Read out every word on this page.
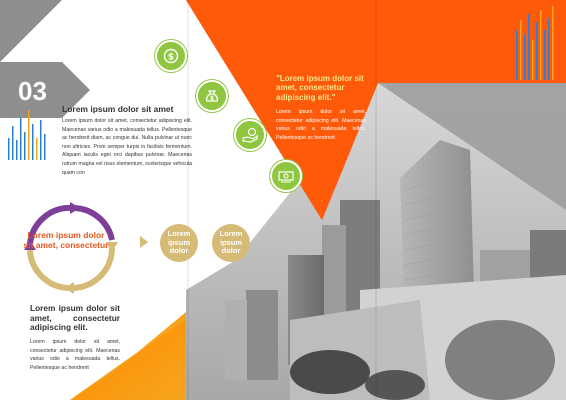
03
Lorem ipsum dolor sit amet
Lorem ipsum dolor sit amet, consectetur adipiscing elit. Maecenas varius odio a malesuada tellus. Pellentesque ac hendrerit diam, ac congue dui. Nulla pulvinar ut nunc non ultricies. Proin semper turpis in facilisis fermentum. Aliquam iaculis eget orci dapibus pulvinar. Maecenas rutrum magna vel risus elementum, scelerisque vehicula quam con
Lorem ipsum dolor sit amet, consectetur
Lorem ipsum dolor
Lorem ipsum dolor
Lorem ipsum dolor sit amet, consectetur adipiscing elit.
Lorem ipsum dolor sit amet, consectetur adipiscing elit. Maecenas varius odio a malesuada tellus. Pellentesque ac hendrerit
"Lorem ipsum dolor sit amet, consectetur adipiscing elit."
Lorem ipsum dolor sit amet, consectetur adipiscing elit. Maecenas varius odio a malesuada tellus. Pellentesque ac hendrerit
$
$
